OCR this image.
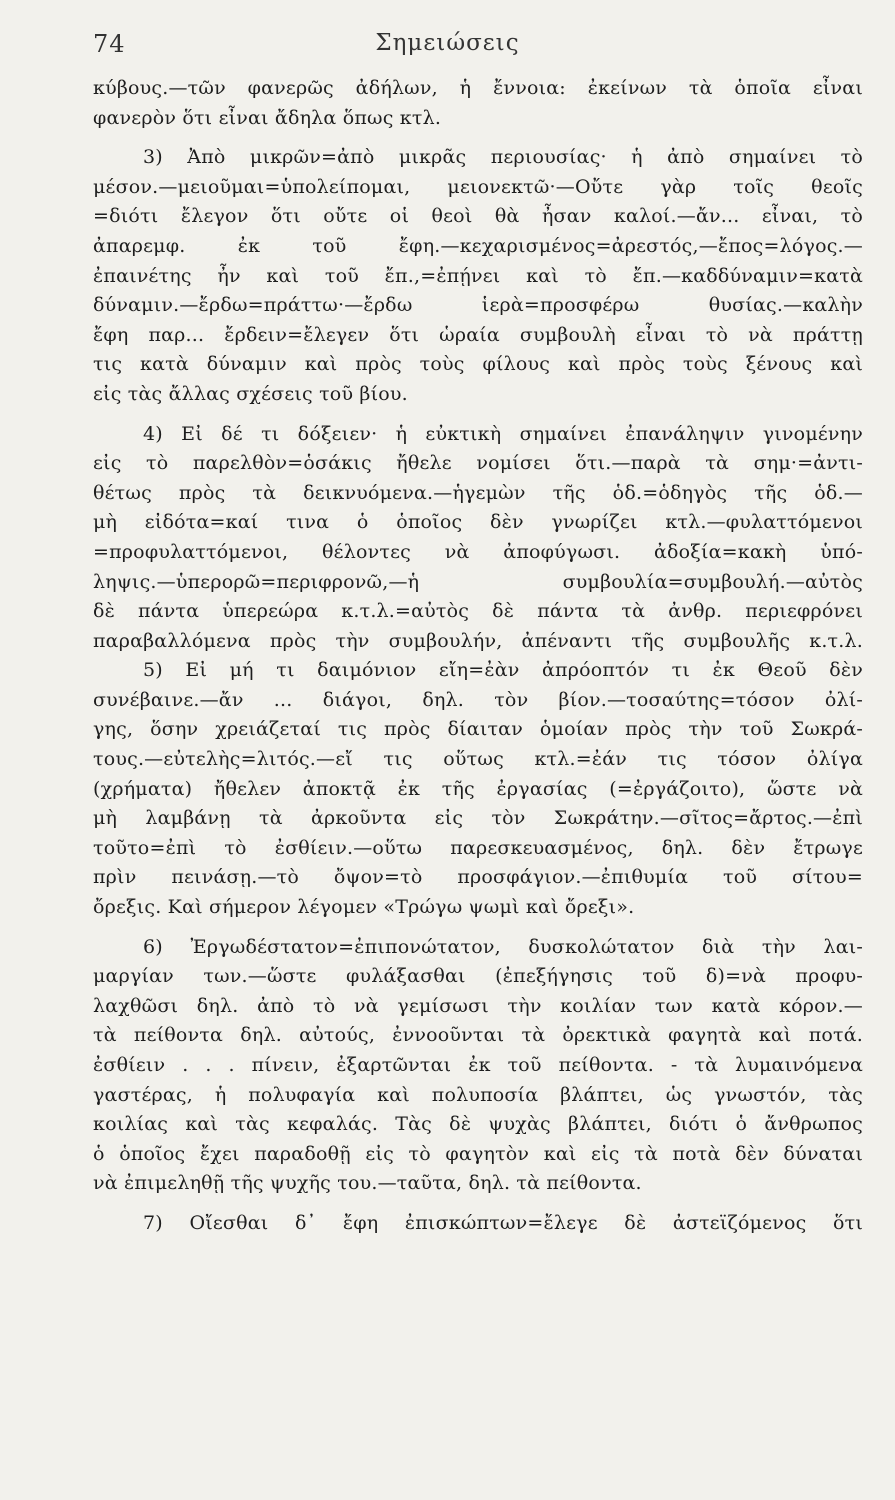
74	Σημειώσεις
κύβους.—τῶν φανερῶς ἀδήλων, ἡ ἔννοια: ἐκείνων τὰ ὁποῖα εἶναι
φανερὸν ὅτι εἶναι ἄδηλα ὅπως κτλ.
3) Ἀπὸ μικρῶν=ἀπὸ μικρᾶς περιουσίας· ἡ ἀπὸ σημαίνει τὸ
μέσον.—μειοῦμαι=ὑπολείπομαι, μειονεκτῶ·—Οὔτε γὰρ τοῖς θεοῖς
=διότι ἔλεγον ὅτι οὔτε οἱ θεοὶ θὰ ἦσαν καλοί.—ἄν... εἶναι, τὸ
ἀπαρεμφ. ἐκ τοῦ ἔφη.—κεχαρισμένος=ἀρεστός,—ἔπος=λόγος.—
ἐπαινέτης ἦν καὶ τοῦ ἔπ.,=ἐπῄνει καὶ τὸ ἔπ.—καδδύναμιν=κατὰ
δύναμιν.—ἔρδω=πράττω·—ἔρδω ἱερὰ=προσφέρω θυσίας.—καλὴν
ἔφη παρ... ἔρδειν=ἔλεγεν ὅτι ὡραία συμβουλὴ εἶναι τὸ νὰ πράττῃ
τις κατὰ δύναμιν καὶ πρὸς τοὺς φίλους καὶ πρὸς τοὺς ξένους καὶ
εἰς τὰς ἄλλας σχέσεις τοῦ βίου.
4) Εἰ δέ τι δόξειεν· ἡ εὐκτικὴ σημαίνει ἐπανάληψιν γινομένην
εἰς τὸ παρελθὸν=ὁσάκις ἤθελε νομίσει ὅτι.—παρὰ τὰ σημ·=ἀντι-
θέτως πρὸς τὰ δεικνυόμενα.—ἡγεμὼν τῆς ὁδ.=ὁδηγὸς τῆς ὁδ.—
μὴ εἰδότα=καί τινα ὁ ὁποῖος δὲν γνωρίζει κτλ.—φυλαττόμενοι
=προφυλαττόμενοι, θέλοντες νὰ ἀποφύγωσι. ἀδοξία=κακὴ ὑπό-
ληψις.—ὑπερορῶ=περιφρονῶ,—ἡ συμβουλία=συμβουλή.—αὐτὸς
δὲ πάντα ὑπερεώρα κ.τ.λ.=αὐτὸς δὲ πάντα τὰ ἀνθρ. περιεφρόνει
παραβαλλόμενα πρὸς τὴν συμβουλήν, ἀπέναντι τῆς συμβουλῆς κ.τ.λ.
5) Εἰ μή τι δαιμόνιον εἴη=ἐὰν ἀπρόοπτόν τι ἐκ Θεοῦ δὲν
συνέβαινε.—ἄν ... διάγοι, δηλ. τὸν βίον.—τοσαύτης=τόσον ὀλί-
γης, ὅσην χρειάζεταί τις πρὸς δίαιταν ὁμοίαν πρὸς τὴν τοῦ Σωκρά-
τους.—εὐτελὴς=λιτός.—εἴ τις οὕτως κτλ.=ἐάν τις τόσον ὀλίγα
(χρήματα) ἤθελεν ἀποκτᾷ ἐκ τῆς ἐργασίας (=ἐργάζοιτο), ὥστε νὰ
μὴ λαμβάνῃ τὰ ἀρκοῦντα εἰς τὸν Σωκράτην.—σῖτος=ἄρτος.—ἐπὶ
τοῦτο=ἐπὶ τὸ ἐσθίειν.—οὕτω παρεσκευασμένος, δηλ. δὲν ἔτρωγε
πρὶν πεινάσῃ.—τὸ ὄψον=τὸ προσφάγιον.—ἐπιθυμία τοῦ σίτου=
ὄρεξις. Καὶ σήμερον λέγομεν «Τρώγω ψωμὶ καὶ ὄρεξι».
6) Ἐργωδέστατον=ἐπιπονώτατον, δυσκολώτατον διὰ τὴν λαι-
μαργίαν των.—ὥστε φυλάξασθαι (ἐπεξήγησις τοῦ δ)=νὰ προφυ-
λαχθῶσι δηλ. ἀπὸ τὸ νὰ γεμίσωσι τὴν κοιλίαν των κατὰ κόρον.—
τὰ πείθοντα δηλ. αὐτούς, ἐννοοῦνται τὰ ὀρεκτικὰ φαγητὰ καὶ ποτά.
ἐσθίειν . . . πίνειν, ἐξαρτῶνται ἐκ τοῦ πείθοντα. - τὰ λυμαινόμενα
γαστέρας, ἡ πολυφαγία καὶ πολυποσία βλάπτει, ὡς γνωστόν, τὰς
κοιλίας καὶ τὰς κεφαλάς. Τὰς δὲ ψυχὰς βλάπτει, διότι ὁ ἄνθρωπος
ὁ ὁποῖος ἔχει παραδοθῇ εἰς τὸ φαγητὸν καὶ εἰς τὰ ποτὰ δὲν δύναται
νὰ ἐπιμεληθῇ τῆς ψυχῆς του.—ταῦτα, δηλ. τὰ πείθοντα.
7) Οἴεσθαι δ᾽ ἔφη ἐπισκώπτων=ἔλεγε δὲ ἀστεϊζόμενος ὅτι
